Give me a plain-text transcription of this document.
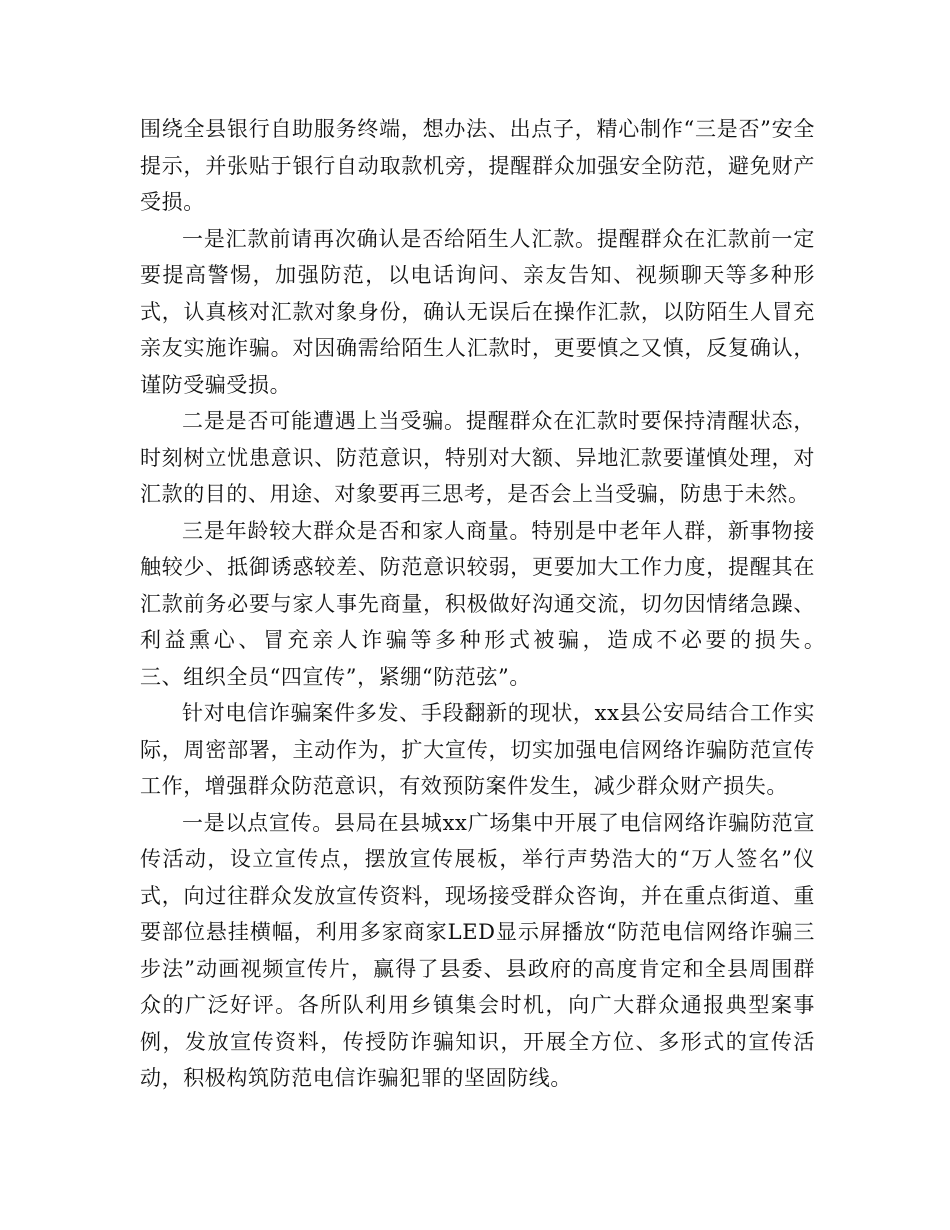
围绕全县银行自助服务终端，想办法、出点子，精心制作“三是否”安全提示，并张贴于银行自动取款机旁，提醒群众加强安全防范，避免财产受损。

一是汇款前请再次确认是否给陌生人汇款。提醒群众在汇款前一定要提高警惕，加强防范，以电话询问、亲友告知、视频聊天等多种形式，认真核对汇款对象身份，确认无误后在操作汇款，以防陌生人冒充亲友实施诈骗。对因确需给陌生人汇款时，更要慎之又慎，反复确认，谨防受骗受损。

二是是否可能遭遇上当受骗。提醒群众在汇款时要保持清醒状态，时刻树立忧患意识、防范意识，特别对大额、异地汇款要谨慎处理，对汇款的目的、用途、对象要再三思考，是否会上当受骗，防患于未然。

三是年龄较大群众是否和家人商量。特别是中老年人群，新事物接触较少、抵御诱惑较差、防范意识较弱，更要加大工作力度，提醒其在汇款前务必要与家人事先商量，积极做好沟通交流，切勿因情绪急躁、利益熏心、冒充亲人诈骗等多种形式被骗，造成不必要的损失。　　　三、组织全员“四宣传”，紧绷“防范弦”。

针对电信诈骗案件多发、手段翻新的现状，xx县公安局结合工作实际，周密部署，主动作为，扩大宣传，切实加强电信网络诈骗防范宣传工作，增强群众防范意识，有效预防案件发生，减少群众财产损失。

一是以点宣传。县局在县城xx广场集中开展了电信网络诈骗防范宣传活动，设立宣传点，摆放宣传展板，举行声势浩大的“万人签名”仪式，向过往群众发放宣传资料，现场接受群众咨询，并在重点街道、重要部位悬挂横幅，利用多家商家LED显示屏播放“防范电信网络诈骗三步法”动画视频宣传片，赢得了县委、县政府的高度肯定和全县周围群众的广泛好评。各所队利用乡镇集会时机，向广大群众通报典型案事例，发放宣传资料，传授防诈骗知识，开展全方位、多形式的宣传活动，积极构筑防范电信诈骗犯罪的坚固防线。
